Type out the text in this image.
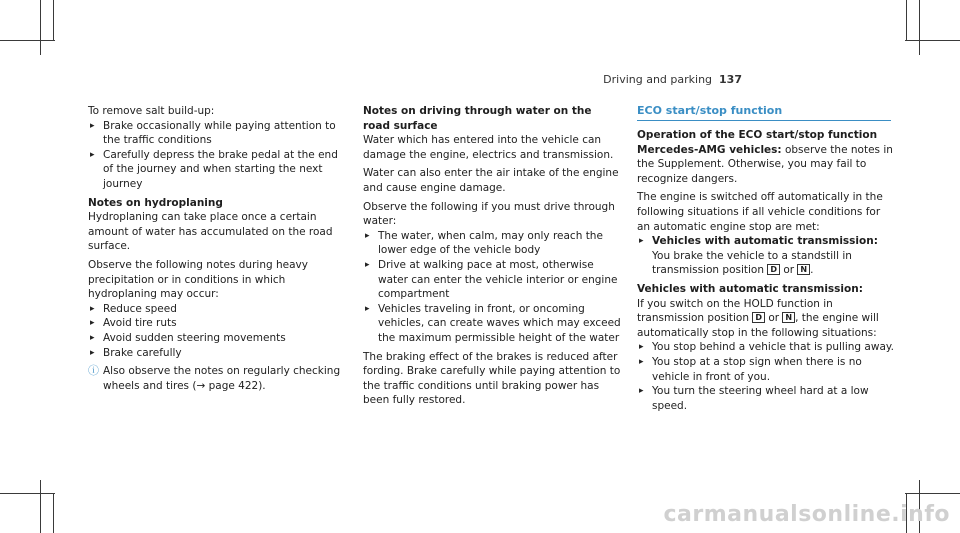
Driving and parking 137

To remove salt build-up:

▸ Brake occasionally while paying attention to the traffic conditions
▸ Carefully depress the brake pedal at the end of the journey and when starting the next journey
Notes on hydroplaning

Hydroplaning can take place once a certain amount of water has accumulated on the road surface.

Observe the following notes during heavy precipitation or in conditions in which hydroplaning may occur:

▸ Reduce speed
▸ Avoid tire ruts
▸ Avoid sudden steering movements
▸ Brake carefully
ⓘ Also observe the notes on regularly checking wheels and tires (→ page 422).
Notes on driving through water on the road surface

Water which has entered into the vehicle can damage the engine, electrics and transmission.

Water can also enter the air intake of the engine and cause engine damage.

Observe the following if you must drive through water:

▸ The water, when calm, may only reach the lower edge of the vehicle body
▸ Drive at walking pace at most, otherwise water can enter the vehicle interior or engine compartment
▸ Vehicles traveling in front, or oncoming vehicles, can create waves which may exceed the maximum permissible height of the water

The braking effect of the brakes is reduced after fording. Brake carefully while paying attention to the traffic conditions until braking power has been fully restored.

ECO start/stop function
Operation of the ECO start/stop function

Mercedes-AMG vehicles: observe the notes in the Supplement. Otherwise, you may fail to recognize dangers.

The engine is switched off automatically in the following situations if all vehicle conditions for an automatic engine stop are met:

▸ Vehicles with automatic transmission:
You brake the vehicle to a standstill in transmission position D or N .
Vehicles with automatic transmission:

If you switch on the HOLD function in transmission position D or N , the engine will automatically stop in the following situations:

▸ You stop behind a vehicle that is pulling away.
▸ You stop at a stop sign when there is no vehicle in front of you.
▸ You turn the steering wheel hard at a low speed.
carmanualsonline.info
